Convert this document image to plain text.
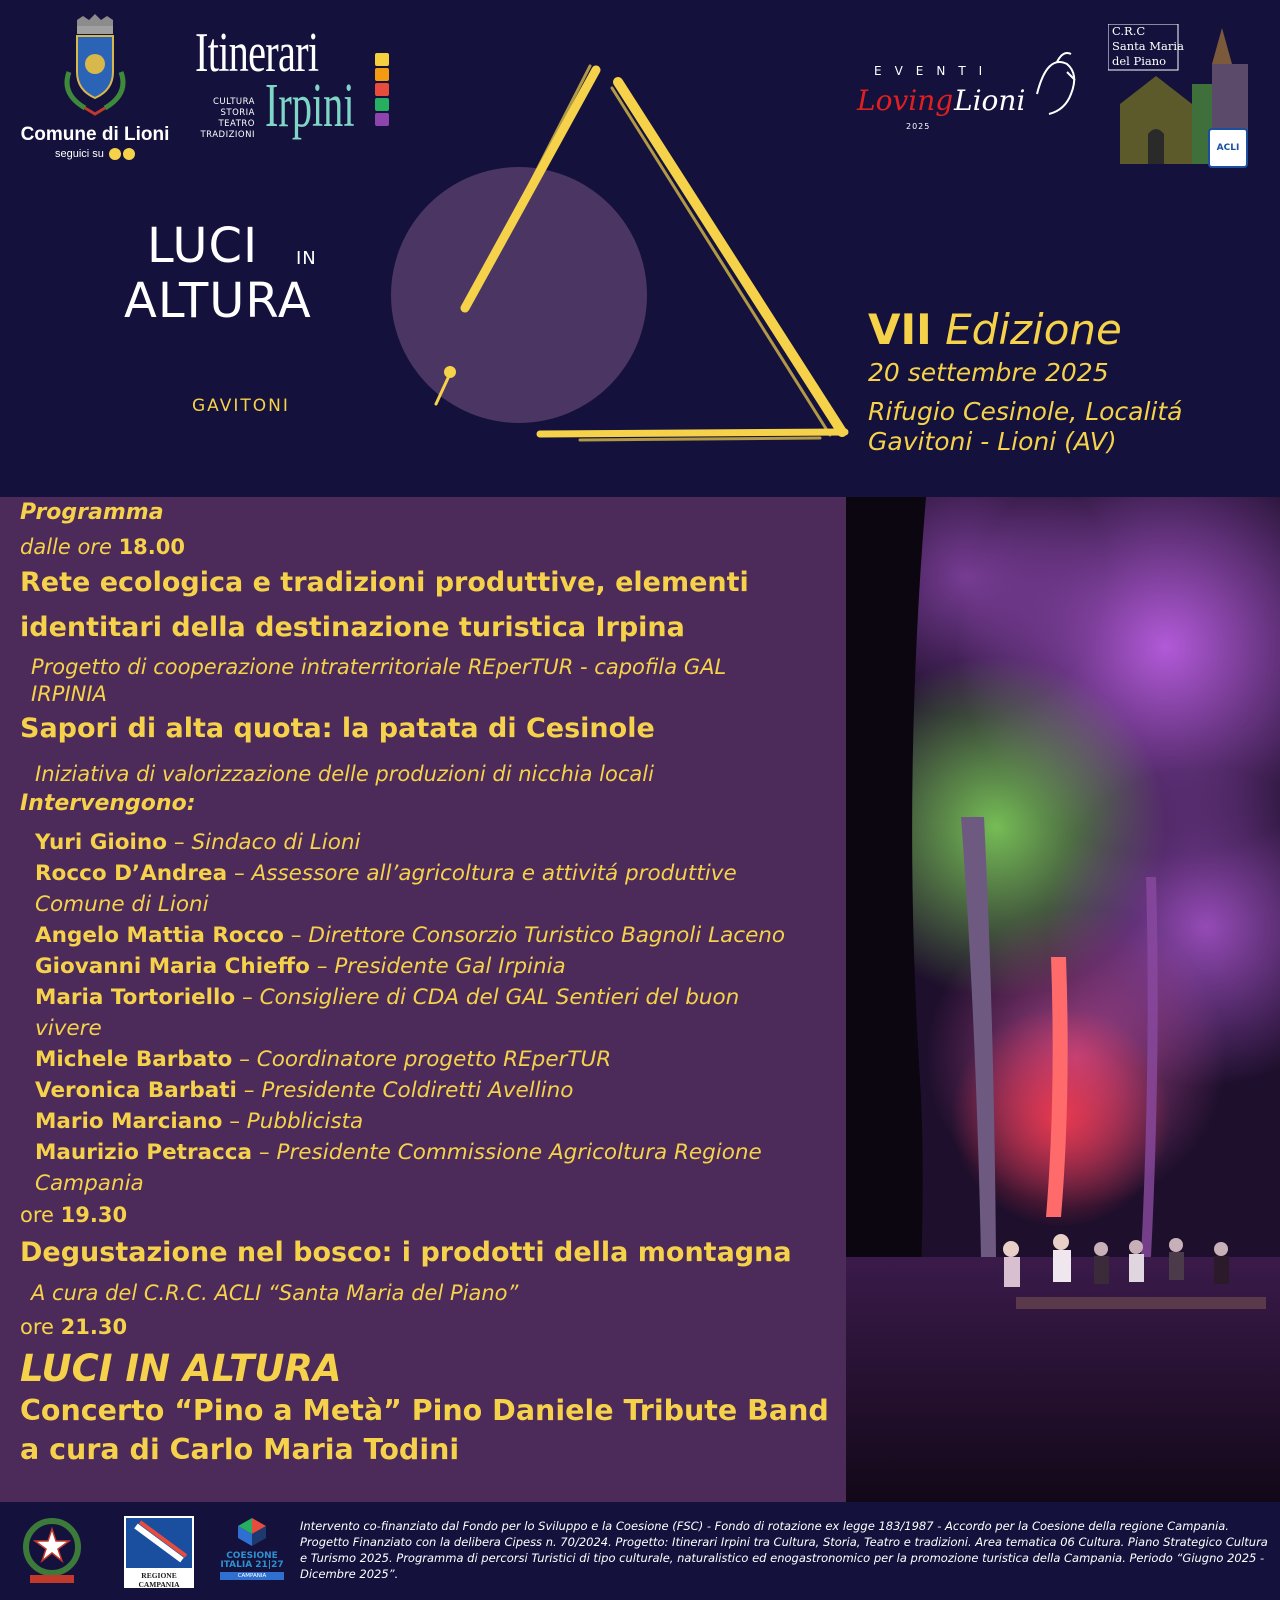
Comune di Lioni
seguici su
Itinerari
CULTURA
STORIA
TEATRO
TRADIZIONI Irpini
LUCI IN
ALTURA
GAVITONI
EVENTI
Loving Lioni
2025
C.R.C
Santa Maria
del Piano
ACLI
VII Edizione
20 settembre 2025
Rifugio Cesinole, Localitá
Gavitoni - Lioni (AV)
Programma
dalle ore 18.00
Rete ecologica e tradizioni produttive, elementi
identitari della destinazione turistica Irpina
Progetto di cooperazione intraterritoriale REperTUR - capofila GAL
IRPINIA
Sapori di alta quota: la patata di Cesinole
Iniziativa di valorizzazione delle produzioni di nicchia locali
Intervengono:
Yuri Gioino – Sindaco di Lioni
Rocco D’Andrea – Assessore all’agricoltura e attivitá produttive
Comune di Lioni
Angelo Mattia Rocco – Direttore Consorzio Turistico Bagnoli Laceno
Giovanni Maria Chieffo – Presidente Gal Irpinia
Maria Tortoriello – Consigliere di CDA del GAL Sentieri del buon
vivere
Michele Barbato – Coordinatore progetto REperTUR
Veronica Barbati – Presidente Coldiretti Avellino
Mario Marciano – Pubblicista
Maurizio Petracca – Presidente Commissione Agricoltura Regione
Campania
ore 19.30
Degustazione nel bosco: i prodotti della montagna
A cura del C.R.C. ACLI “Santa Maria del Piano”
ore 21.30
LUCI IN ALTURA
Concerto “Pino a Metà” Pino Daniele Tribute Band
a cura di Carlo Maria Todini
REGIONE CAMPANIA
COESIONE
ITALIA 21|27
CAMPANIA
Intervento co-finanziato dal Fondo per lo Sviluppo e la Coesione (FSC) - Fondo di rotazione ex legge 183/1987 - Accordo per la Coesione della regione Campania. Progetto Finanziato con la delibera Cipess n. 70/2024. Progetto: Itinerari Irpini tra Cultura, Storia, Teatro e tradizioni. Area tematica 06 Cultura. Piano Strategico Cultura e Turismo 2025. Programma di percorsi Turistici di tipo culturale, naturalistico ed enogastronomico per la promozione turistica della Campania. Periodo “Giugno 2025 - Dicembre 2025”.
